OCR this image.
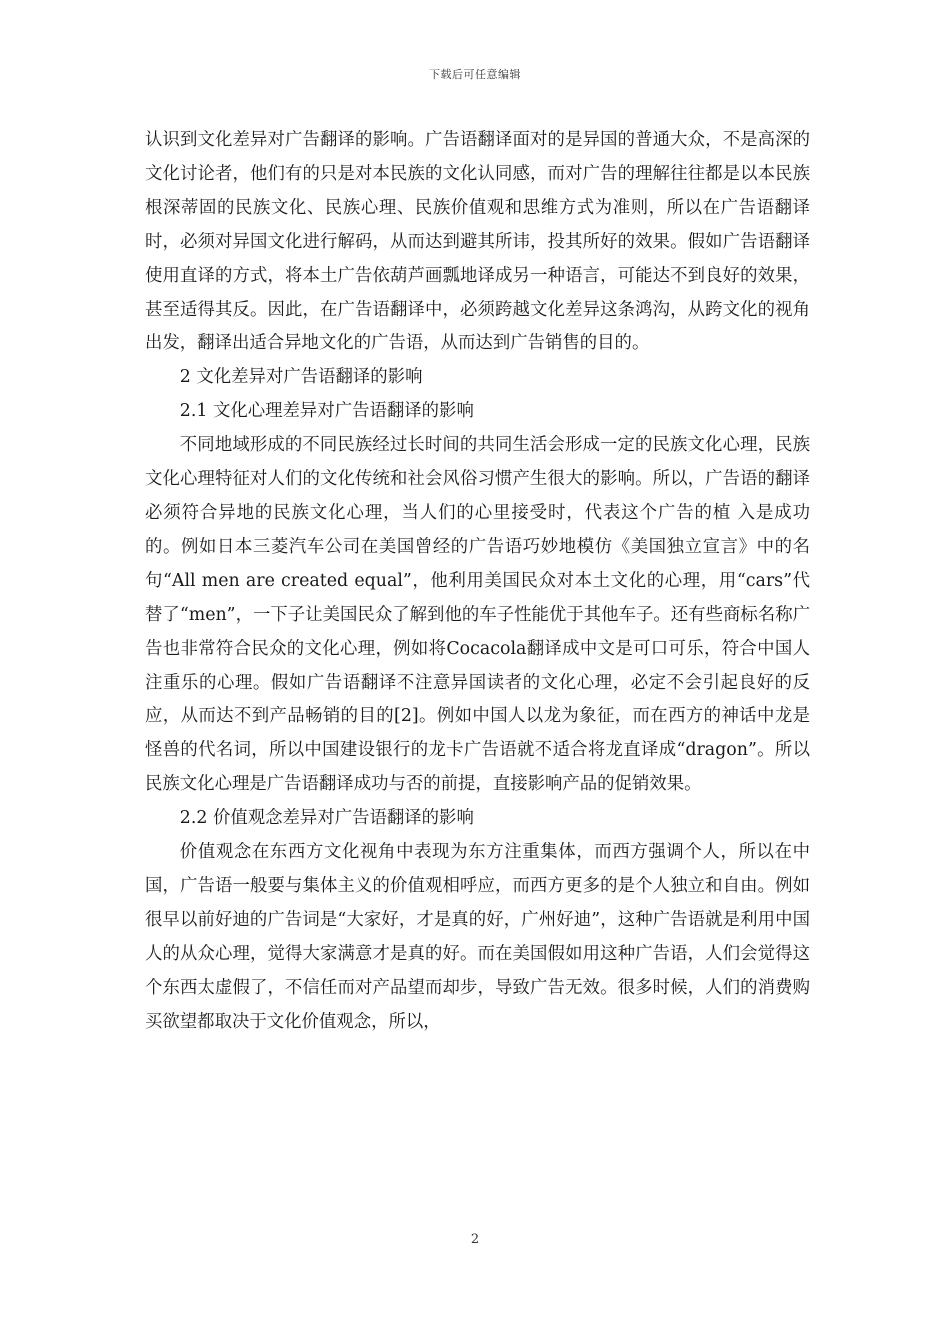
下载后可任意编辑

认识到文化差异对广告翻译的影响。广告语翻译面对的是异国的普通大众，不是高深的文化讨论者，他们有的只是对本民族的文化认同感，而对广告的理解往往都是以本民族根深蒂固的民族文化、民族心理、民族价值观和思维方式为准则，所以在广告语翻译时，必须对异国文化进行解码，从而达到避其所讳，投其所好的效果。假如广告语翻译使用直译的方式，将本土广告依葫芦画瓢地译成另一种语言，可能达不到良好的效果，甚至适得其反。因此，在广告语翻译中，必须跨越文化差异这条鸿沟，从跨文化的视角出发，翻译出适合异地文化的广告语，从而达到广告销售的目的。

2 文化差异对广告语翻译的影响
2.1 文化心理差异对广告语翻译的影响

不同地域形成的不同民族经过长时间的共同生活会形成一定的民族文化心理，民族文化心理特征对人们的文化传统和社会风俗习惯产生很大的影响。所以，广告语的翻译必须符合异地的民族文化心理，当人们的心里接受时，代表这个广告的植 入是成功的。例如日本三菱汽车公司在美国曾经的广告语巧妙地模仿《美国独立宣言》中的名句“All men are created equal”，他利用美国民众对本土文化的心理，用“cars”代替了“men”，一下子让美国民众了解到他的车子性能优于其他车子。还有些商标名称广告也非常符合民众的文化心理，例如将Cocacola翻译成中文是可口可乐，符合中国人注重乐的心理。假如广告语翻译不注意异国读者的文化心理，必定不会引起良好的反应，从而达不到产品畅销的目的[2]。例如中国人以龙为象征，而在西方的神话中龙是怪兽的代名词，所以中国建设银行的龙卡广告语就不适合将龙直译成“dragon”。所以民族文化心理是广告语翻译成功与否的前提，直接影响产品的促销效果。

2.2 价值观念差异对广告语翻译的影响

价值观念在东西方文化视角中表现为东方注重集体，而西方强调个人，所以在中国，广告语一般要与集体主义的价值观相呼应，而西方更多的是个人独立和自由。例如很早以前好迪的广告词是“大家好，才是真的好，广州好迪”，这种广告语就是利用中国人的从众心理，觉得大家满意才是真的好。而在美国假如用这种广告语，人们会觉得这个东西太虚假了，不信任而对产品望而却步，导致广告无效。很多时候，人们的消费购买欲望都取决于文化价值观念，所以，

2
